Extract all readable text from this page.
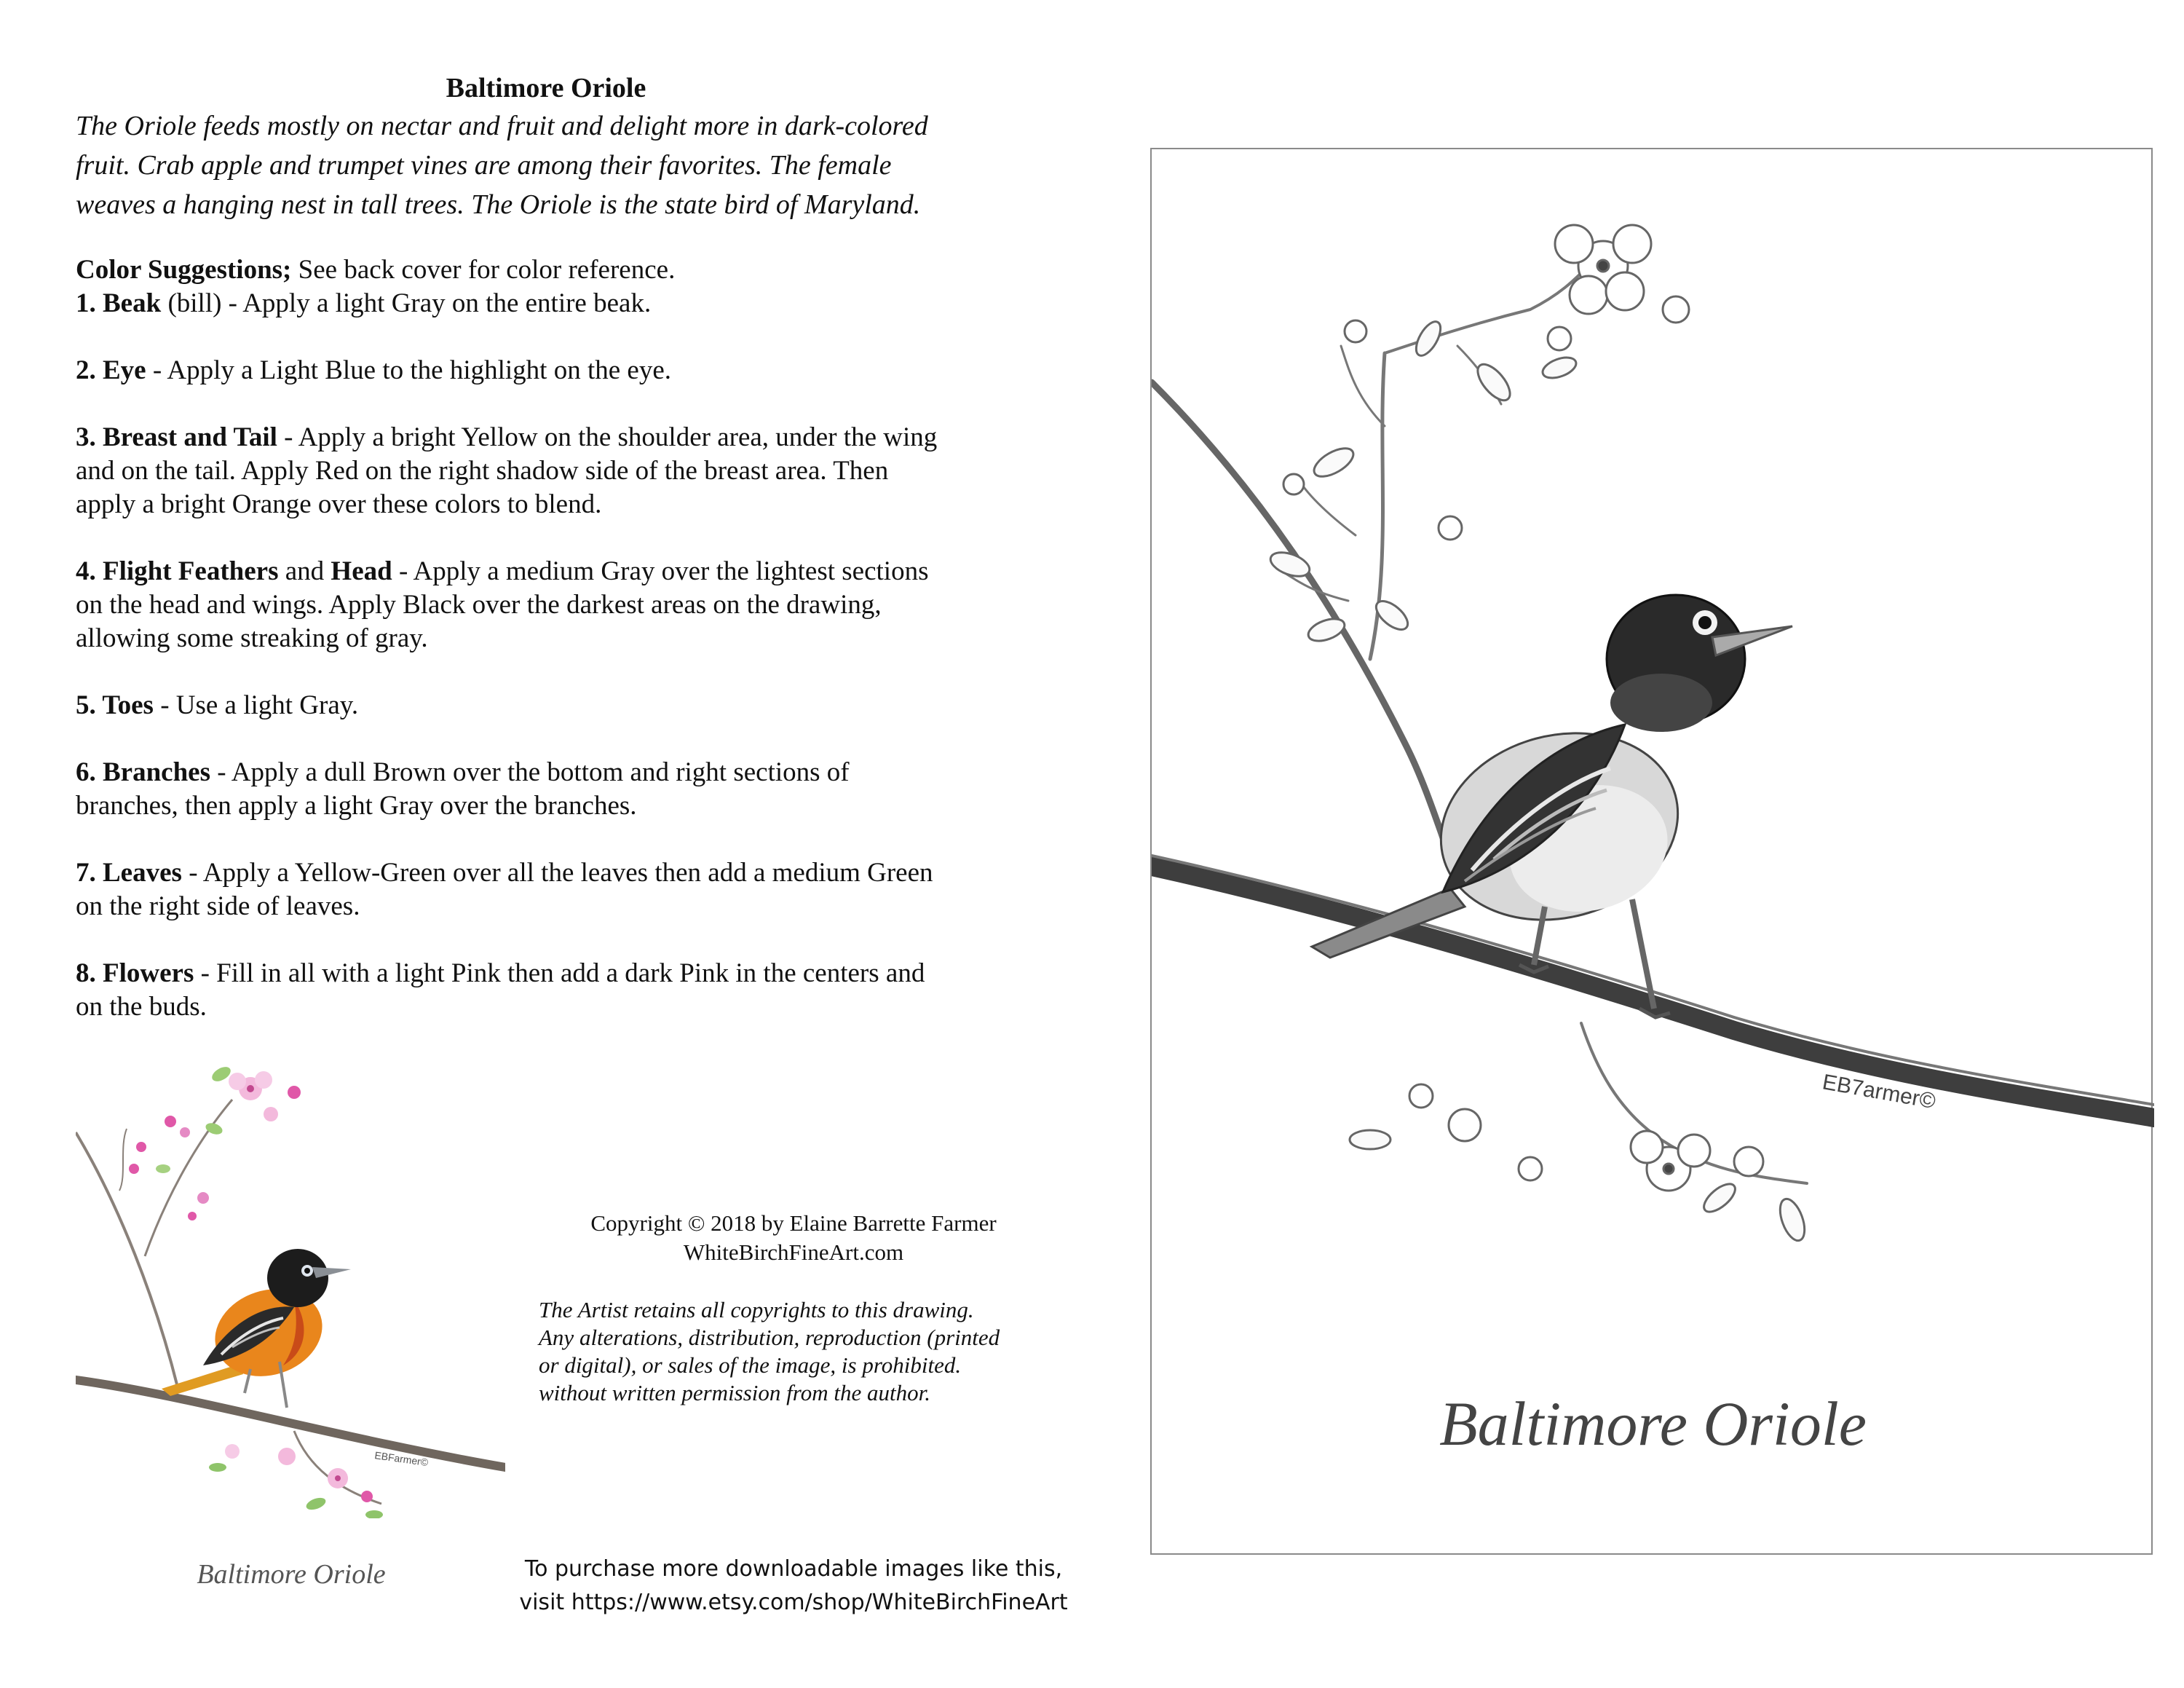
Baltimore Oriole
The Oriole feeds mostly on nectar and fruit and delight more in dark-colored
fruit. Crab apple and trumpet vines are among their favorites. The female
weaves a hanging nest in tall trees. The Oriole is the state bird of Maryland.
Color Suggestions; See back cover for color reference.
1. Beak (bill) - Apply a light Gray on the entire beak.
2. Eye - Apply a Light Blue to the highlight on the eye.
3. Breast and Tail - Apply a bright Yellow on the shoulder area, under the wing
and on the tail. Apply Red on the right shadow side of the breast area. Then
apply a bright Orange over these colors to blend.
4. Flight Feathers and Head - Apply a medium Gray over the lightest sections
on the head and wings. Apply Black over the darkest areas on the drawing,
allowing some streaking of gray.
5. Toes - Use a light Gray.
6. Branches - Apply a dull Brown over the bottom and right sections of
branches, then apply a light Gray over the branches.
7. Leaves - Apply a Yellow-Green over all the leaves then add a medium Green
on the right side of leaves.
8. Flowers - Fill in all with a light Pink then add a dark Pink in the centers and
on the buds.
EBFarmer©
Baltimore Oriole
Copyright © 2018 by Elaine Barrette Farmer
WhiteBirchFineArt.com
The Artist retains all copyrights to this drawing.
Any alterations, distribution, reproduction (printed
or digital), or sales of the image, is prohibited.
without written permission from the author.
To purchase more downloadable images like this,
visit https://www.etsy.com/shop/WhiteBirchFineArt
EB7armer©
Baltimore Oriole
